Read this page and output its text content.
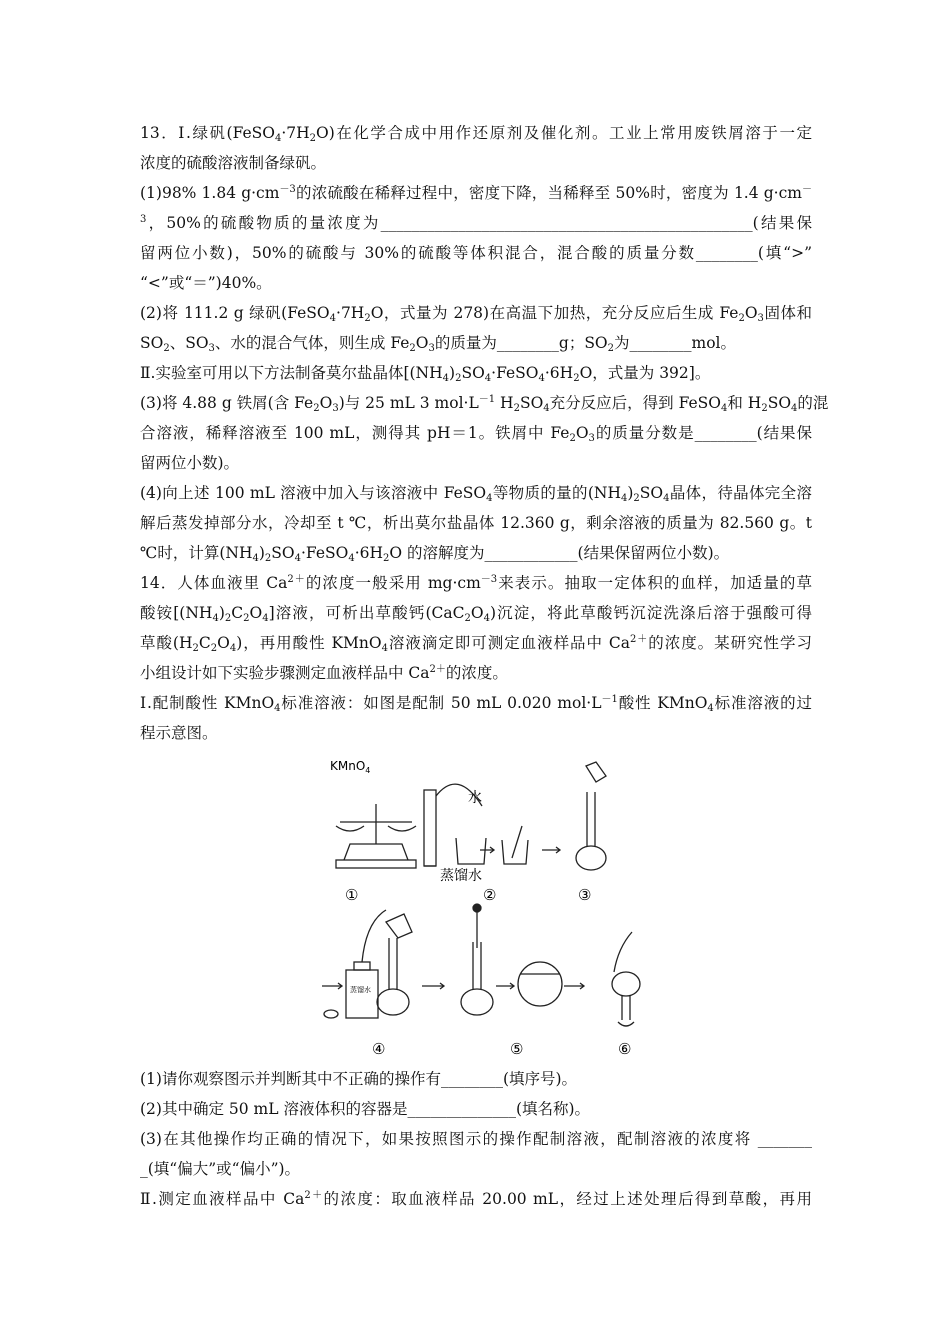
13．Ⅰ.绿矾$(FeSO_4\cdot 7H_2O)$在化学合成中用作还原剂及催化剂。工业上常用废铁屑溶于一定
浓度的硫酸溶液制备绿矾。
(1)98% 1.84 $g\cdot cm^{-3}$的浓硫酸在稀释过程中，密度下降，当稀释至 50%时，密度为 1.4 g·cm－
$^3$，50%的硫酸物质的量浓度为________________________________________________(结果保
留两位小数)，50%的硫酸与 30%的硫酸等体积混合，混合酸的质量分数________(填“>”
“<”或“＝”)40%。
(2)将 111.2 g 绿矾($FeSO_4\cdot 7H_2O$，式量为 278)在高温下加热，充分反应后生成 $Fe_2O_3$固体和
$SO_2$、$SO_3$、水的混合气体，则生成 $Fe_2O_3$的质量为________g；$SO_2$为________mol。
Ⅱ.实验室可用以下方法制备莫尔盐晶体[$(NH_4)_2SO_4\cdot FeSO_4\cdot 6H_2O$，式量为 392]。
(3)将 4.88 g 铁屑(含 $Fe_2O_3$)与 25 mL 3 $mol\cdot L^{-1}$ $H_2SO_4$充分反应后，得到 FeSO$_4$和 $H_2SO_4$的混
合溶液，稀释溶液至 100 mL，测得其 pH＝1。铁屑中 $Fe_2O_3$的质量分数是________(结果保
留两位小数)。
(4)向上述 100 mL 溶液中加入与该溶液中 FeSO$_4$等物质的量的$(NH_4)_2SO_4$晶体，待晶体完全溶
解后蒸发掉部分水，冷却至 t ℃，析出莫尔盐晶体 12.360 g，剩余溶液的质量为 82.560 g。t
℃时，计算$(NH_4)_2SO_4\cdot FeSO_4\cdot 6H_2O$ 的溶解度为____________(结果保留两位小数)。
14．人体血液里 $Ca^{2+}$的浓度一般采用 $mg\cdot cm^{-3}$来表示。抽取一定体积的血样，加适量的草
酸铵$[(NH_4)_2C_2O_4]$溶液，可析出草酸钙$(CaC_2O_4)$沉淀，将此草酸钙沉淀洗涤后溶于强酸可得
草酸$(H_2C_2O_4)$，再用酸性 KMnO$_4$溶液滴定即可测定血液样品中 $Ca^{2+}$的浓度。某研究性学习
小组设计如下实验步骤测定血液样品中 $Ca^{2+}$的浓度。
Ⅰ.配制酸性 KMnO$_4$标准溶液：如图是配制 50 mL 0.020 $mol\cdot L^{-1}$酸性 KMnO$_4$标准溶液的过
程示意图。
KMnO$_4$
水
蒸馏水
蒸馏水
①	②	③
④	⑤	⑥
(1)请你观察图示并判断其中不正确的操作有________(填序号)。
(2)其中确定 50 mL 溶液体积的容器是______________(填名称)。
(3)在其他操作均正确的情况下，如果按照图示的操作配制溶液，配制溶液的浓度将 _______
_(填“偏大”或“偏小”)。
Ⅱ.测定血液样品中 $Ca^{2+}$的浓度：取血液样品 20.00 mL，经过上述处理后得到草酸，再用
